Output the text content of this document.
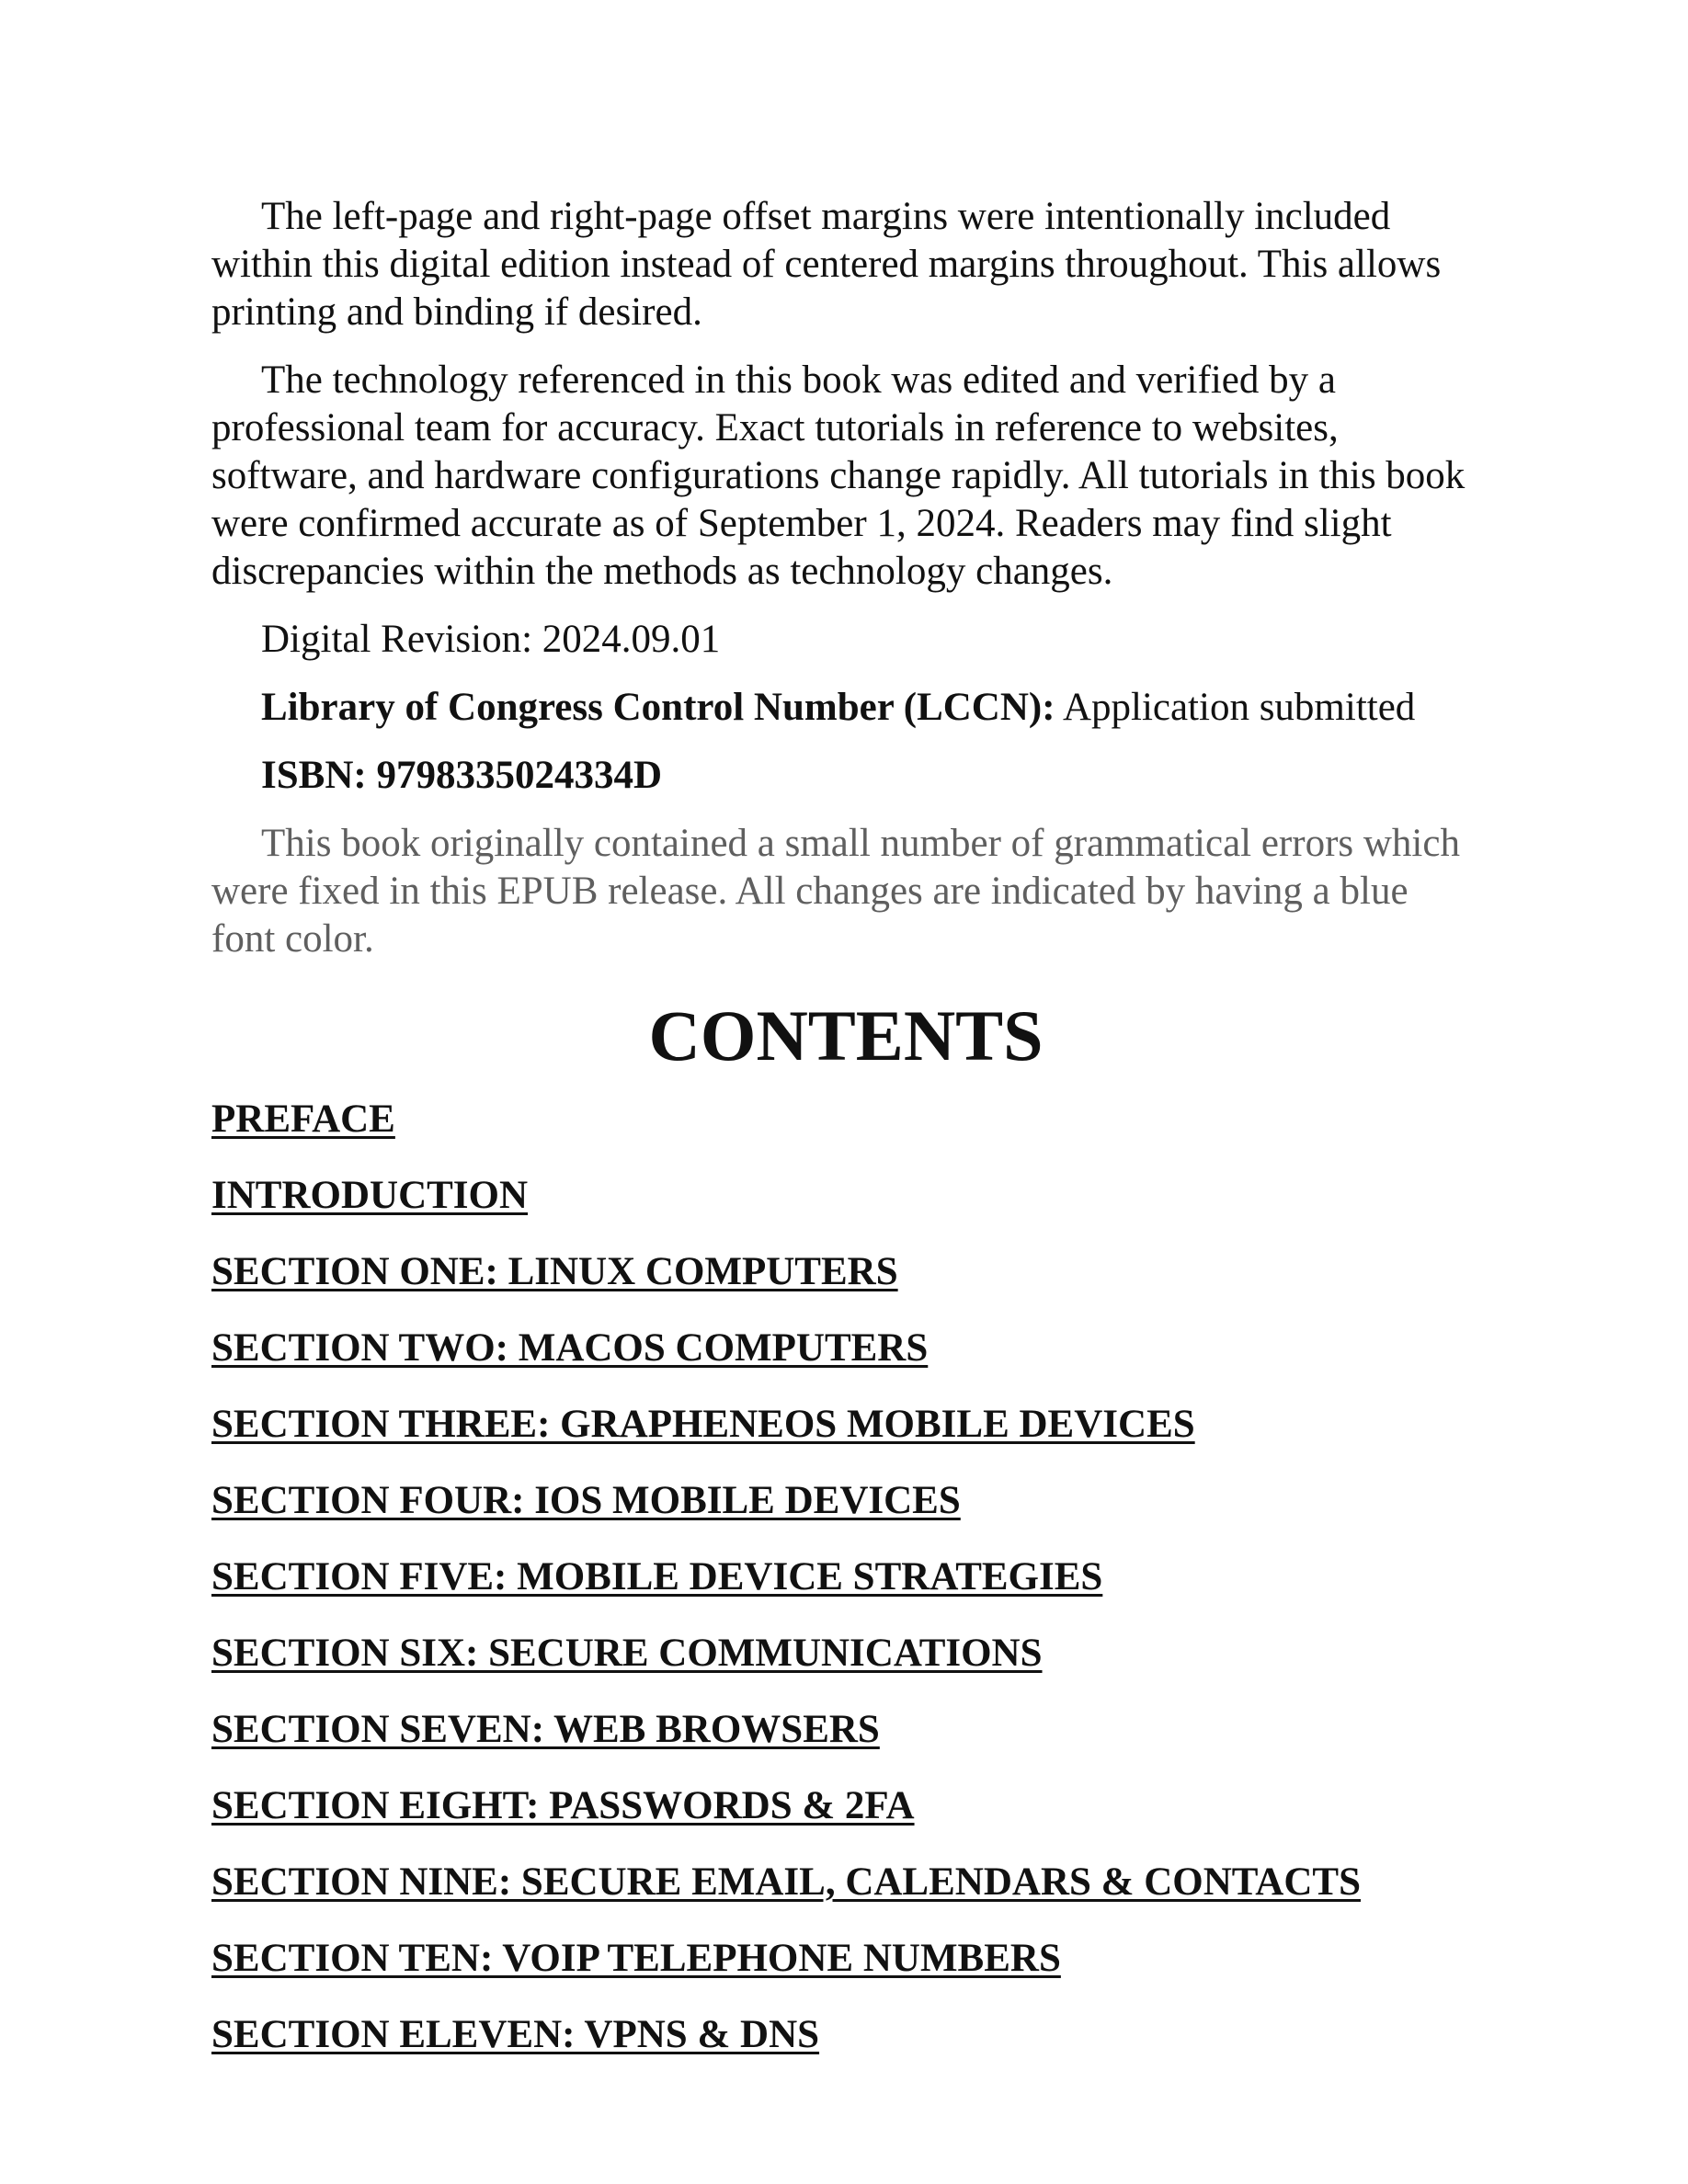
The left-page and right-page offset margins were intentionally included within this digital edition instead of centered margins throughout. This allows printing and binding if desired.

The technology referenced in this book was edited and verified by a professional team for accuracy. Exact tutorials in reference to websites, software, and hardware configurations change rapidly. All tutorials in this book were confirmed accurate as of September 1, 2024. Readers may find slight discrepancies within the methods as technology changes.

Digital Revision: 2024.09.01

Library of Congress Control Number (LCCN): Application submitted

ISBN: 9798335024334D

This book originally contained a small number of grammatical errors which were fixed in this EPUB release. All changes are indicated by having a blue font color.

CONTENTS
PREFACE
INTRODUCTION
SECTION ONE: LINUX COMPUTERS
SECTION TWO: MACOS COMPUTERS
SECTION THREE: GRAPHENEOS MOBILE DEVICES
SECTION FOUR: IOS MOBILE DEVICES
SECTION FIVE: MOBILE DEVICE STRATEGIES
SECTION SIX: SECURE COMMUNICATIONS
SECTION SEVEN: WEB BROWSERS
SECTION EIGHT: PASSWORDS & 2FA
SECTION NINE: SECURE EMAIL, CALENDARS & CONTACTS
SECTION TEN: VOIP TELEPHONE NUMBERS
SECTION ELEVEN: VPNS & DNS
